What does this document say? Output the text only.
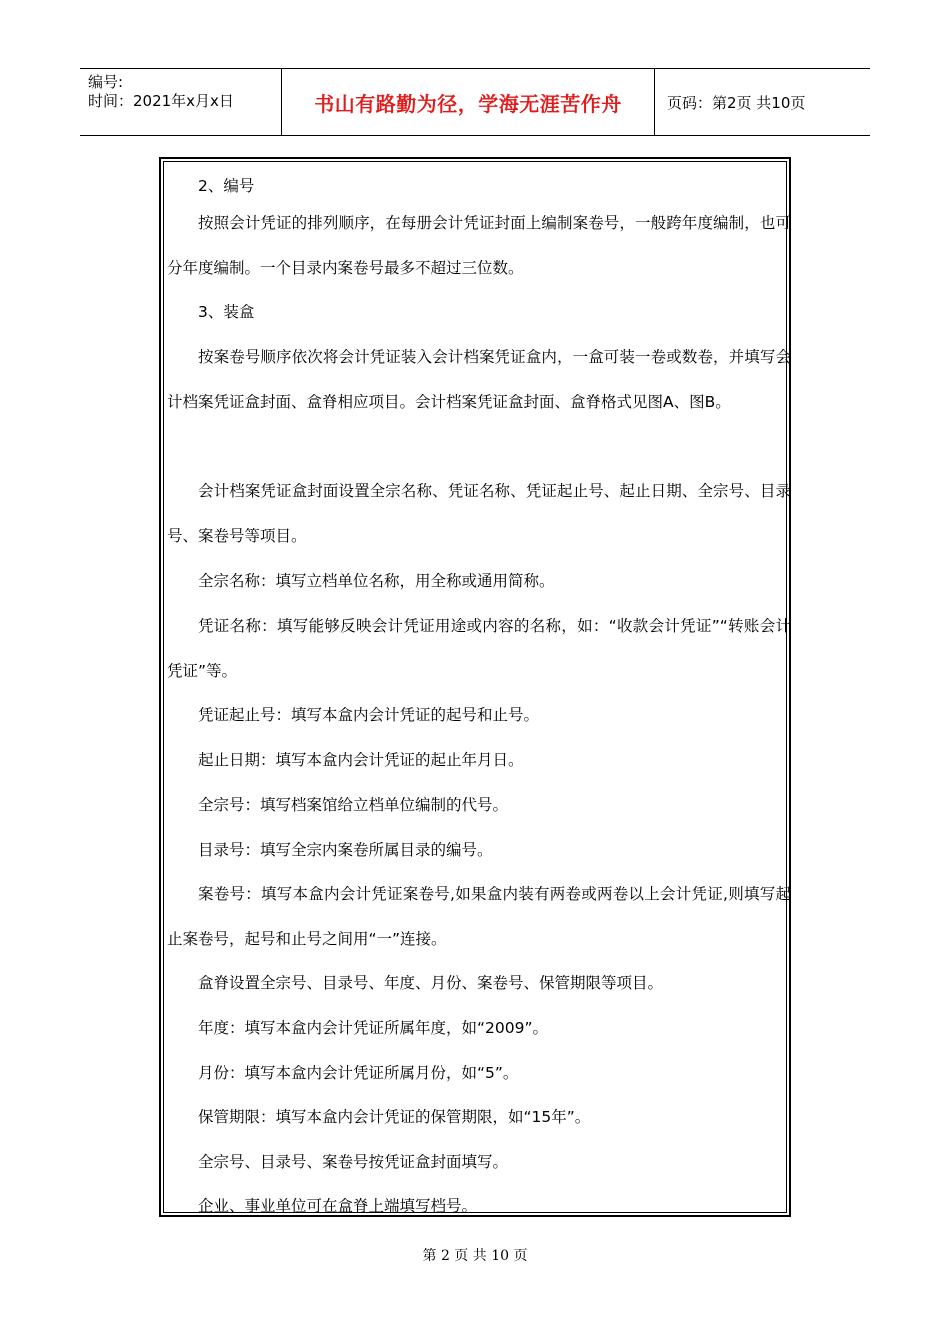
编号:
时间：2021年x月x日	书山有路勤为径，学海无涯苦作舟	页码：第2页 共10页

2、编号

按照会计凭证的排列顺序，在每册会计凭证封面上编制案卷号，一般跨年度编制，也可分年度编制。一个目录内案卷号最多不超过三位数。

3、装盒

按案卷号顺序依次将会计凭证装入会计档案凭证盒内，一盒可装一卷或数卷，并填写会计档案凭证盒封面、盒脊相应项目。会计档案凭证盒封面、盒脊格式见图A、图B。

会计档案凭证盒封面设置全宗名称、凭证名称、凭证起止号、起止日期、全宗号、目录号、案卷号等项目。

全宗名称：填写立档单位名称，用全称或通用简称。

凭证名称：填写能够反映会计凭证用途或内容的名称，如：“收款会计凭证”“转账会计凭证”等。

凭证起止号：填写本盒内会计凭证的起号和止号。

起止日期：填写本盒内会计凭证的起止年月日。

全宗号：填写档案馆给立档单位编制的代号。

目录号：填写全宗内案卷所属目录的编号。

案卷号：填写本盒内会计凭证案卷号,如果盒内装有两卷或两卷以上会计凭证,则填写起止案卷号，起号和止号之间用“一”连接。

盒脊设置全宗号、目录号、年度、月份、案卷号、保管期限等项目。

年度：填写本盒内会计凭证所属年度，如“2009”。

月份：填写本盒内会计凭证所属月份，如“5”。

保管期限：填写本盒内会计凭证的保管期限，如“15年”。

全宗号、目录号、案卷号按凭证盒封面填写。

企业、事业单位可在盒脊上端填写档号。

第 2 页 共 10 页
